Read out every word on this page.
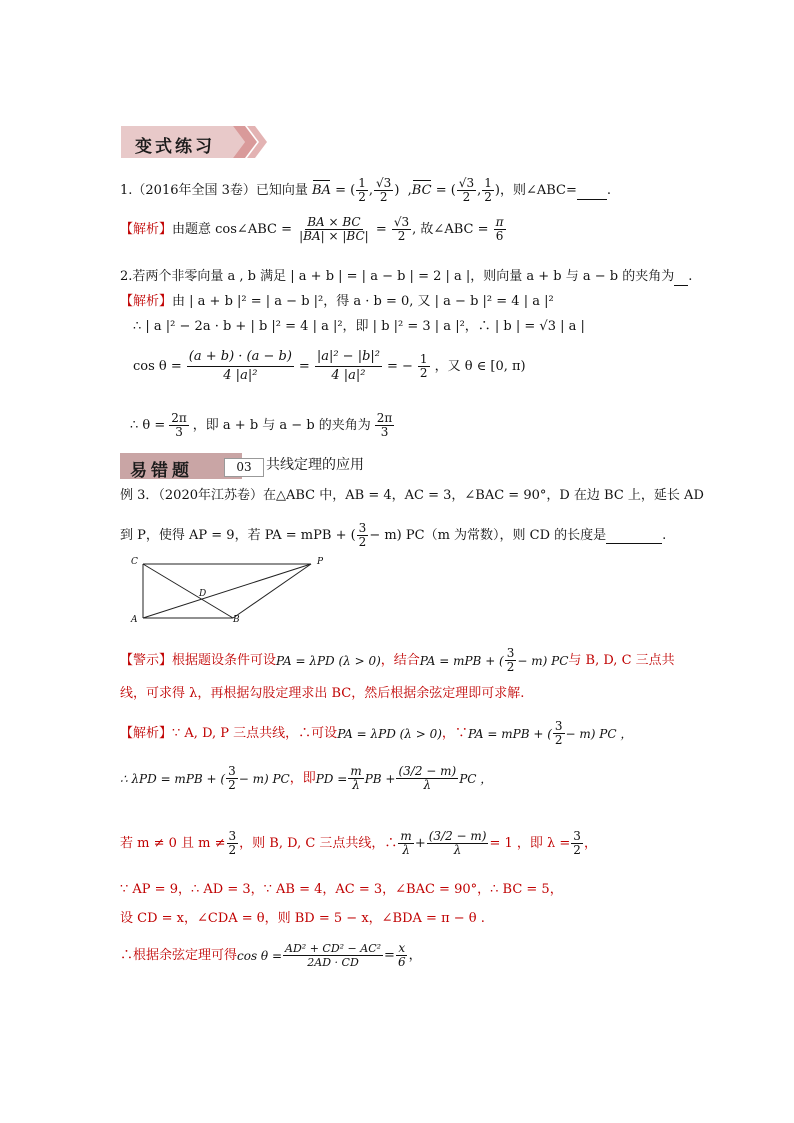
变式练习
1.（2016年全国 3卷）已知向量 BA = ( $\frac{1}{2}$ , $\frac{√3}{2}$ )  ,BC = ( $\frac{√3}{2}$ , $\frac{1}{2}$ )，则∠ABC= .
【解析】由题意 cos∠ABC = $\frac{BA \times BC}{|BA| \times |BC|} = \frac{√3}{2}$ , 故∠ABC = $\frac{\pi}{6}$
2.若两个非零向量 a , b 满足 | a + b | = | a − b | = 2 | a |，则向量 a + b 与 a − b 的夹角为 .
【解析】由 | a + b |² = | a − b |²，得 a · b = 0, 又 | a − b |² = 4 | a |²
∴ | a |² − 2a · b + | b |² = 4 | a |²，即 | b |² = 3 | a |²，∴ | b | = √3 | a |
$\cos \theta = \frac{(a + b) \cdot (a - b)}{\text{4 |a|²}} = \frac{\text{|a|² − |b|²}}{\text{4 |a|²}}$ = − $\frac{1}{2}$ ，又 θ ∈ [0, π)
∴ $\theta = \frac{2\pi}{3}$ ，即 a + b 与 a − b 的夹角为 $\frac{2\pi}{3}$
易错题	03	共线定理的应用
例 3．（2020年江苏卷）在△ABC 中，AB = 4，AC = 3，∠BAC = 90°，D 在边 BC 上，延长 AD
到 P，使得 AP = 9，若 PA = mPB + ( $\frac{3}{2} - m$) PC（m 为常数），则 CD 的长度是
	.
C	P
D
A	B
【警示】 根据题设条件可设 PA = λPD (λ > 0) ，结合 PA = mPB + ( $\frac{3}{2} - m$) PC 与 B, D, C 三点共
线，可求得 λ，再根据勾股定理求出 BC，然后根据余弦定理即可求解.
【解析】 ∵ A, D, P 三点共线，∴可设 PA = λPD (λ > 0) ，∵ PA = mPB + ( $\frac{3}{2} - m$) PC ，
∴ λPD = mPB + ( $\frac{3}{2} - m$) PC ，即 PD = $\frac{m}{\lambda}$ PB + $\frac{(3/2 - m)}{\lambda}$ PC ，
若 m ≠ 0 且 $m \ne \frac{3}{2}$ ，则 B, D, C 三点共线，∴ $\frac{m}{\lambda} + \frac{(3/2 - m)}{\lambda} = 1$ ，即 $\lambda = \frac{3}{2}$ ，
∵ AP = 9，∴ AD = 3，∵ AB = 4，AC = 3，∠BAC = 90°，∴ BC = 5，
设 CD = x，∠CDA = θ，则 BD = 5 − x，∠BDA = π − θ .
∴根据余弦定理可得 $\cos \theta = \frac{\text{AD² + CD² − AC²}}{2AD \cdot CD} = \frac{x}{6}$ ，
